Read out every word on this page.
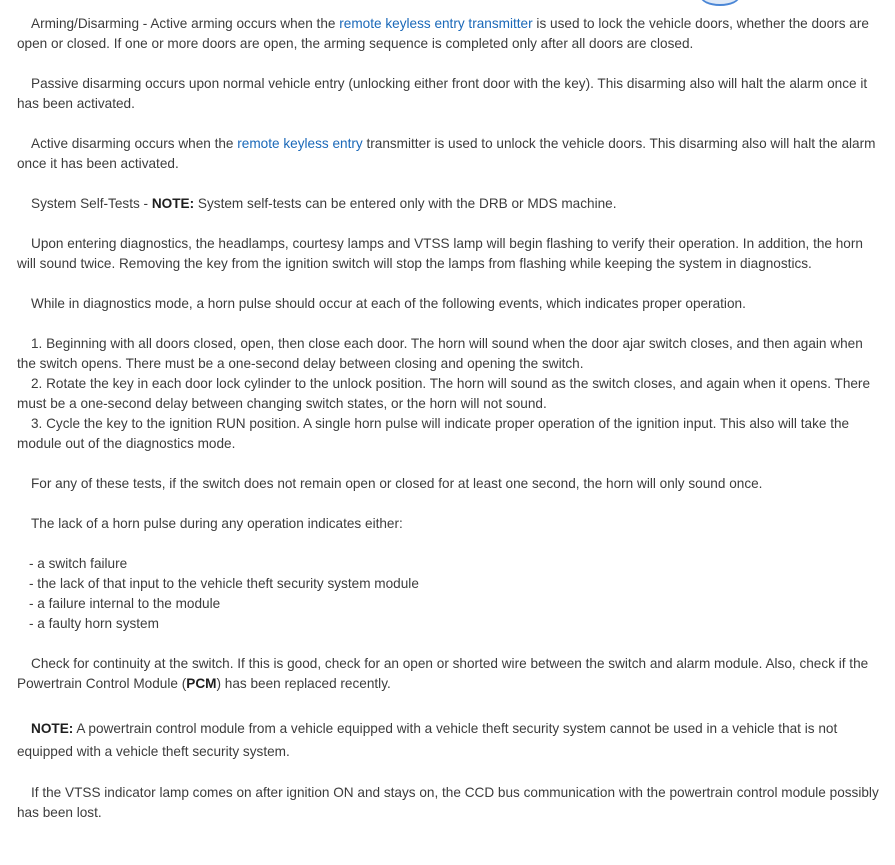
Arming/Disarming - Active arming occurs when the remote keyless entry transmitter is used to lock the vehicle doors, whether the doors are open or closed. If one or more doors are open, the arming sequence is completed only after all doors are closed.

Passive disarming occurs upon normal vehicle entry (unlocking either front door with the key). This disarming also will halt the alarm once it has been activated.

Active disarming occurs when the remote keyless entry transmitter is used to unlock the vehicle doors. This disarming also will halt the alarm once it has been activated.

System Self-Tests - NOTE: System self-tests can be entered only with the DRB or MDS machine.

Upon entering diagnostics, the headlamps, courtesy lamps and VTSS lamp will begin flashing to verify their operation. In addition, the horn will sound twice. Removing the key from the ignition switch will stop the lamps from flashing while keeping the system in diagnostics.

While in diagnostics mode, a horn pulse should occur at each of the following events, which indicates proper operation.

1. Beginning with all doors closed, open, then close each door. The horn will sound when the door ajar switch closes, and then again when the switch opens. There must be a one-second delay between closing and opening the switch.

2. Rotate the key in each door lock cylinder to the unlock position. The horn will sound as the switch closes, and again when it opens. There must be a one-second delay between changing switch states, or the horn will not sound.

3. Cycle the key to the ignition RUN position. A single horn pulse will indicate proper operation of the ignition input. This also will take the module out of the diagnostics mode.

For any of these tests, if the switch does not remain open or closed for at least one second, the horn will only sound once.

The lack of a horn pulse during any operation indicates either:

- a switch failure
- the lack of that input to the vehicle theft security system module
- a failure internal to the module
- a faulty horn system

Check for continuity at the switch. If this is good, check for an open or shorted wire between the switch and alarm module. Also, check if the Powertrain Control Module (PCM) has been replaced recently.

NOTE: A powertrain control module from a vehicle equipped with a vehicle theft security system cannot be used in a vehicle that is not equipped with a vehicle theft security system.

If the VTSS indicator lamp comes on after ignition ON and stays on, the CCD bus communication with the powertrain control module possibly has been lost.
